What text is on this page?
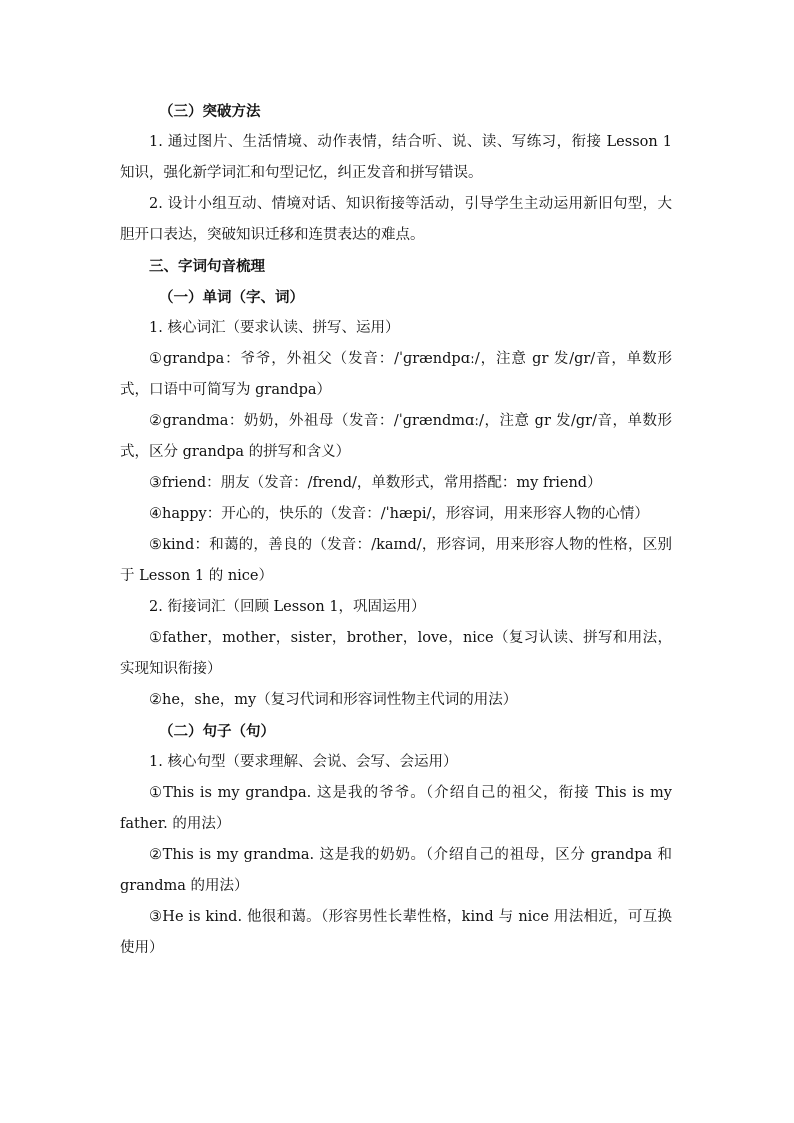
（三）突破方法

1. 通过图片、生活情境、动作表情，结合听、说、读、写练习，衔接 Lesson 1 知识，强化新学词汇和句型记忆，纠正发音和拼写错误。

2. 设计小组互动、情境对话、知识衔接等活动，引导学生主动运用新旧句型，大胆开口表达，突破知识迁移和连贯表达的难点。

三、字词句音梳理

（一）单词（字、词）

1. 核心词汇（要求认读、拼写、运用）

①grandpa：爷爷，外祖父（发音：/ˈɡrændpɑː/，注意 gr 发/gr/音，单数形式，口语中可简写为 grandpa）

②grandma：奶奶，外祖母（发音：/ˈɡrændmɑː/，注意 gr 发/gr/音，单数形式，区分 grandpa 的拼写和含义）

③friend：朋友（发音：/frend/，单数形式，常用搭配：my friend）

④happy：开心的，快乐的（发音：/ˈhæpi/，形容词，用来形容人物的心情）

⑤kind：和蔼的，善良的（发音：/kaɪnd/，形容词，用来形容人物的性格，区别于 Lesson 1 的 nice）

2. 衔接词汇（回顾 Lesson 1，巩固运用）

①father，mother，sister，brother，love，nice（复习认读、拼写和用法，实现知识衔接）

②he，she，my（复习代词和形容词性物主代词的用法）

（二）句子（句）

1. 核心句型（要求理解、会说、会写、会运用）

①This is my grandpa. 这是我的爷爷。（介绍自己的祖父，衔接 This is my father. 的用法）

②This is my grandma. 这是我的奶奶。（介绍自己的祖母，区分 grandpa 和 grandma 的用法）

③He is kind. 他很和蔼。（形容男性长辈性格，kind 与 nice 用法相近，可互换使用）
